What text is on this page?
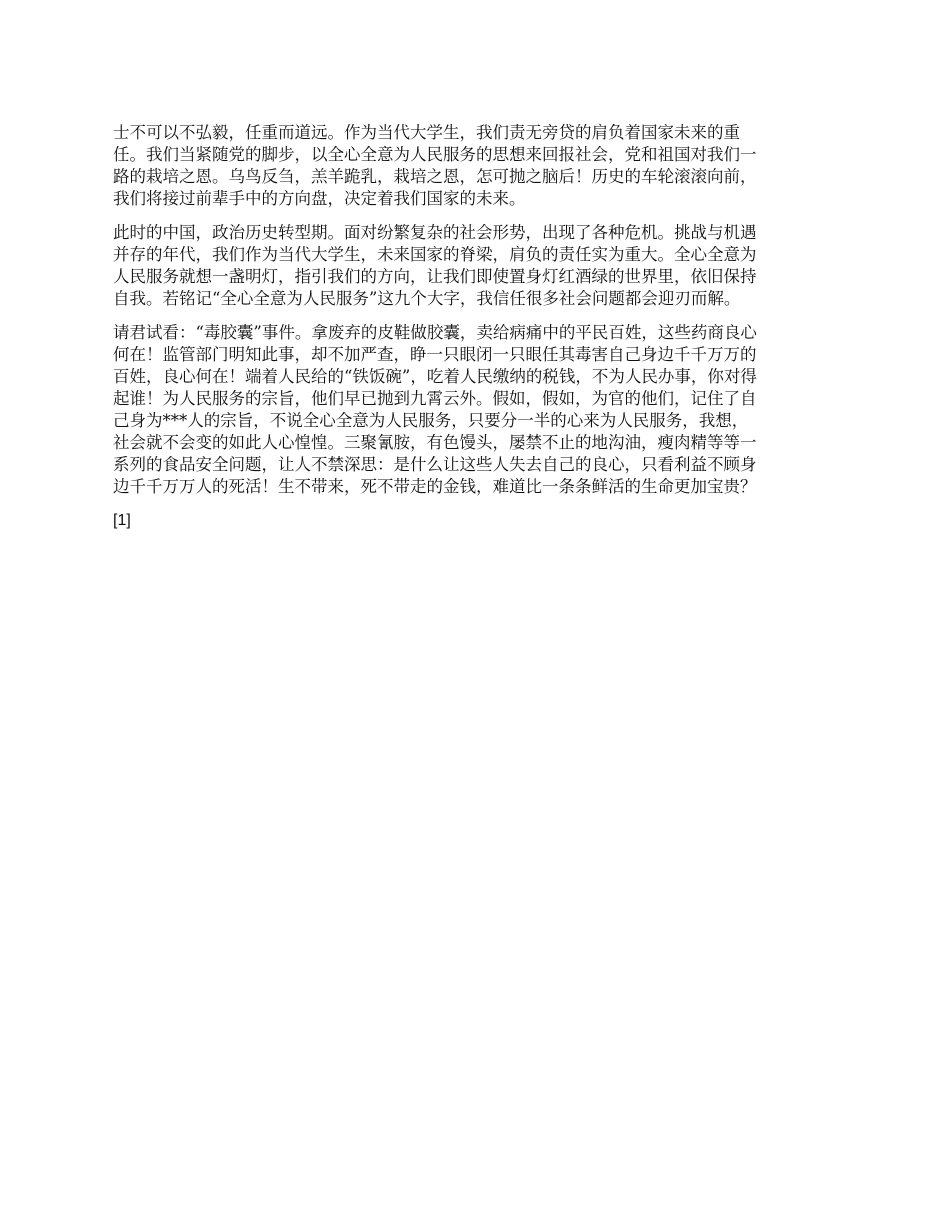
士不可以不弘毅，任重而道远。作为当代大学生，我们责无旁贷的肩负着国家未来的重
任。我们当紧随党的脚步，以全心全意为人民服务的思想来回报社会，党和祖国对我们一
路的栽培之恩。乌鸟反刍，羔羊跪乳，栽培之恩，怎可抛之脑后！历史的车轮滚滚向前，
我们将接过前辈手中的方向盘，决定着我们国家的未来。

此时的中国，政治历史转型期。面对纷繁复杂的社会形势，出现了各种危机。挑战与机遇
并存的年代，我们作为当代大学生，未来国家的脊梁，肩负的责任实为重大。全心全意为
人民服务就想一盏明灯，指引我们的方向，让我们即使置身灯红酒绿的世界里，依旧保持
自我。若铭记“全心全意为人民服务”这九个大字，我信任很多社会问题都会迎刃而解。

请君试看：“毒胶囊”事件。拿废弃的皮鞋做胶囊，卖给病痛中的平民百姓，这些药商良心
何在！监管部门明知此事，却不加严查，睁一只眼闭一只眼任其毒害自己身边千千万万的
百姓，良心何在！端着人民给的“铁饭碗”，吃着人民缴纳的税钱，不为人民办事，你对得
起谁！为人民服务的宗旨，他们早已抛到九霄云外。假如，假如，为官的他们，记住了自
己身为***人的宗旨，不说全心全意为人民服务，只要分一半的心来为人民服务，我想，
社会就不会变的如此人心惶惶。三聚氰胺，有色馒头，屡禁不止的地沟油，瘦肉精等等一
系列的食品安全问题，让人不禁深思：是什么让这些人失去自己的良心，只看利益不顾身
边千千万万人的死活！生不带来，死不带走的金钱，难道比一条条鲜活的生命更加宝贵？

[1]
